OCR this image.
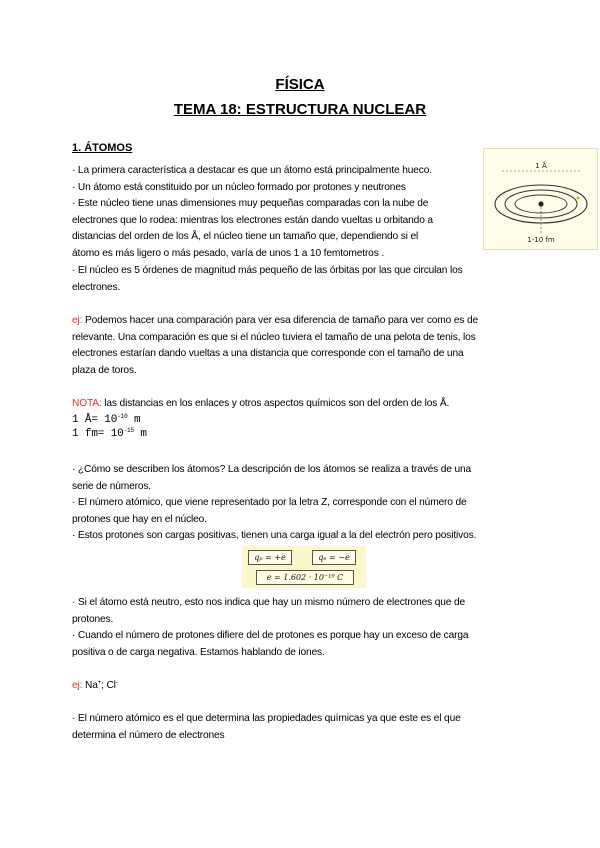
FÍSICA
TEMA 18: ESTRUCTURA NUCLEAR
1. ÁTOMOS

· La primera característica a destacar es que un átomo está principalmente hueco.

· Un átomo está constituido por un núcleo formado por protones y neutrones

· Este núcleo tiene unas dimensiones muy pequeñas comparadas con la nube de

electrones que lo rodea: mientras los electrones están dando vueltas u orbitando a

distancias del orden de los Å, el núcleo tiene un tamaño que, dependiendo si el

átomo es más ligero o más pesado, varía de unos 1 a 10 femtometros .

· El núcleo es 5 órdenes de magnitud más pequeño de las órbitas por las que circulan los

electrones.

1 Å
1-10 fm

ej: Podemos hacer una comparación para ver esa diferencia de tamaño para ver como es de

relevante. Una comparación es que si el núcleo tuviera el tamaño de una pelota de tenis, los

electrones estarían dando vueltas a una distancia que corresponde con el tamaño de una

plaza de toros.

NOTA: las distancias en los enlaces y otros aspectos químicos son del orden de los Å.

1 Å= $10^{-10}$ m

1 $fm= 10^{-15}$ m

· ¿Cómo se describen los átomos? La descripción de los átomos se realiza a través de una

serie de números.

· El número atómico, que viene representado por la letra Z, corresponde con el número de

protones que hay en el núcleo.

· Estos protones son cargas positivas, tienen una carga igual a la del electrón pero positivos.

qₚ = +e	qₑ = −e
e = 1.602 · 10⁻¹⁹ C

· Si el átomo está neutro, esto nos indica que hay un mismo número de electrones que de

protones.

· Cuando el número de protones difiere del de protones es porque hay un exceso de carga

positiva o de carga negativa. Estamos hablando de iones.

ej: Na+; Cl-

· El número atómico es el que determina las propiedades químicas ya que este es el que

determina el número de electrones
